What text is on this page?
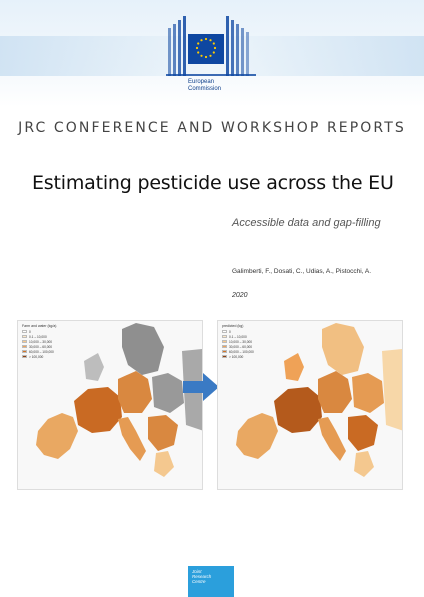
European
Commission
JRC CONFERENCE AND WORKSHOP REPORTS
Estimating pesticide use across the EU
Accessible data and gap-filling
Galimberti, F., Dosati, C., Udias, A., Pistocchi, A.
2020
Farm and water (kg/a)
0
0.1 – 10,000
10,000 – 30,000
30,000 – 60,000
60,000 – 100,000
> 100,000
predicted (kg)
0
0.1 – 10,000
10,000 – 30,000
30,000 – 60,000
60,000 – 100,000
> 100,000
Joint
Research
Centre
